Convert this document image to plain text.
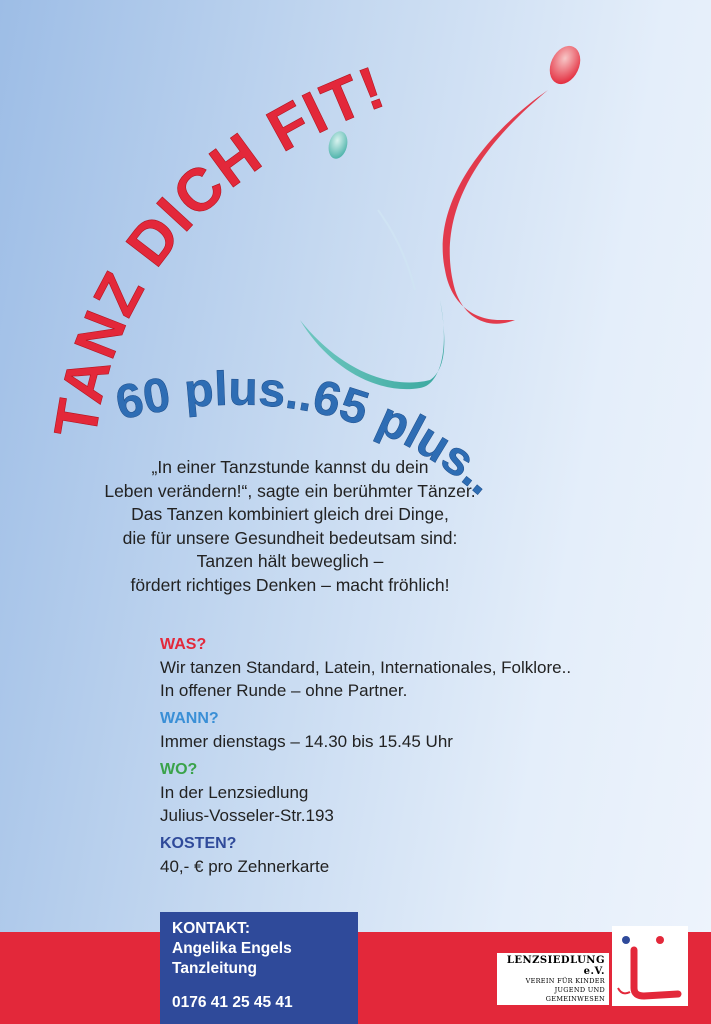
TANZ DICH FIT!
60 plus..65 plus..
„In einer Tanzstunde kannst du dein
Leben verändern!“, sagte ein berühmter Tänzer.
Das Tanzen kombiniert gleich drei Dinge,
die für unsere Gesundheit bedeutsam sind:
Tanzen hält beweglich –
fördert richtiges Denken – macht fröhlich!
WAS?
Wir tanzen Standard, Latein, Internationales, Folklore..
In offener Runde – ohne Partner.
WANN?
Immer dienstags – 14.30 bis 15.45 Uhr
WO?
In der Lenzsiedlung
Julius-Vosseler-Str.193
KOSTEN?
40,- € pro Zehnerkarte
KONTAKT:
Angelika Engels
Tanzleitung
0176 41 25 45 41
LENZSIEDLUNG e.V.
VEREIN FÜR KINDER
JUGEND UND
GEMEINWESEN
